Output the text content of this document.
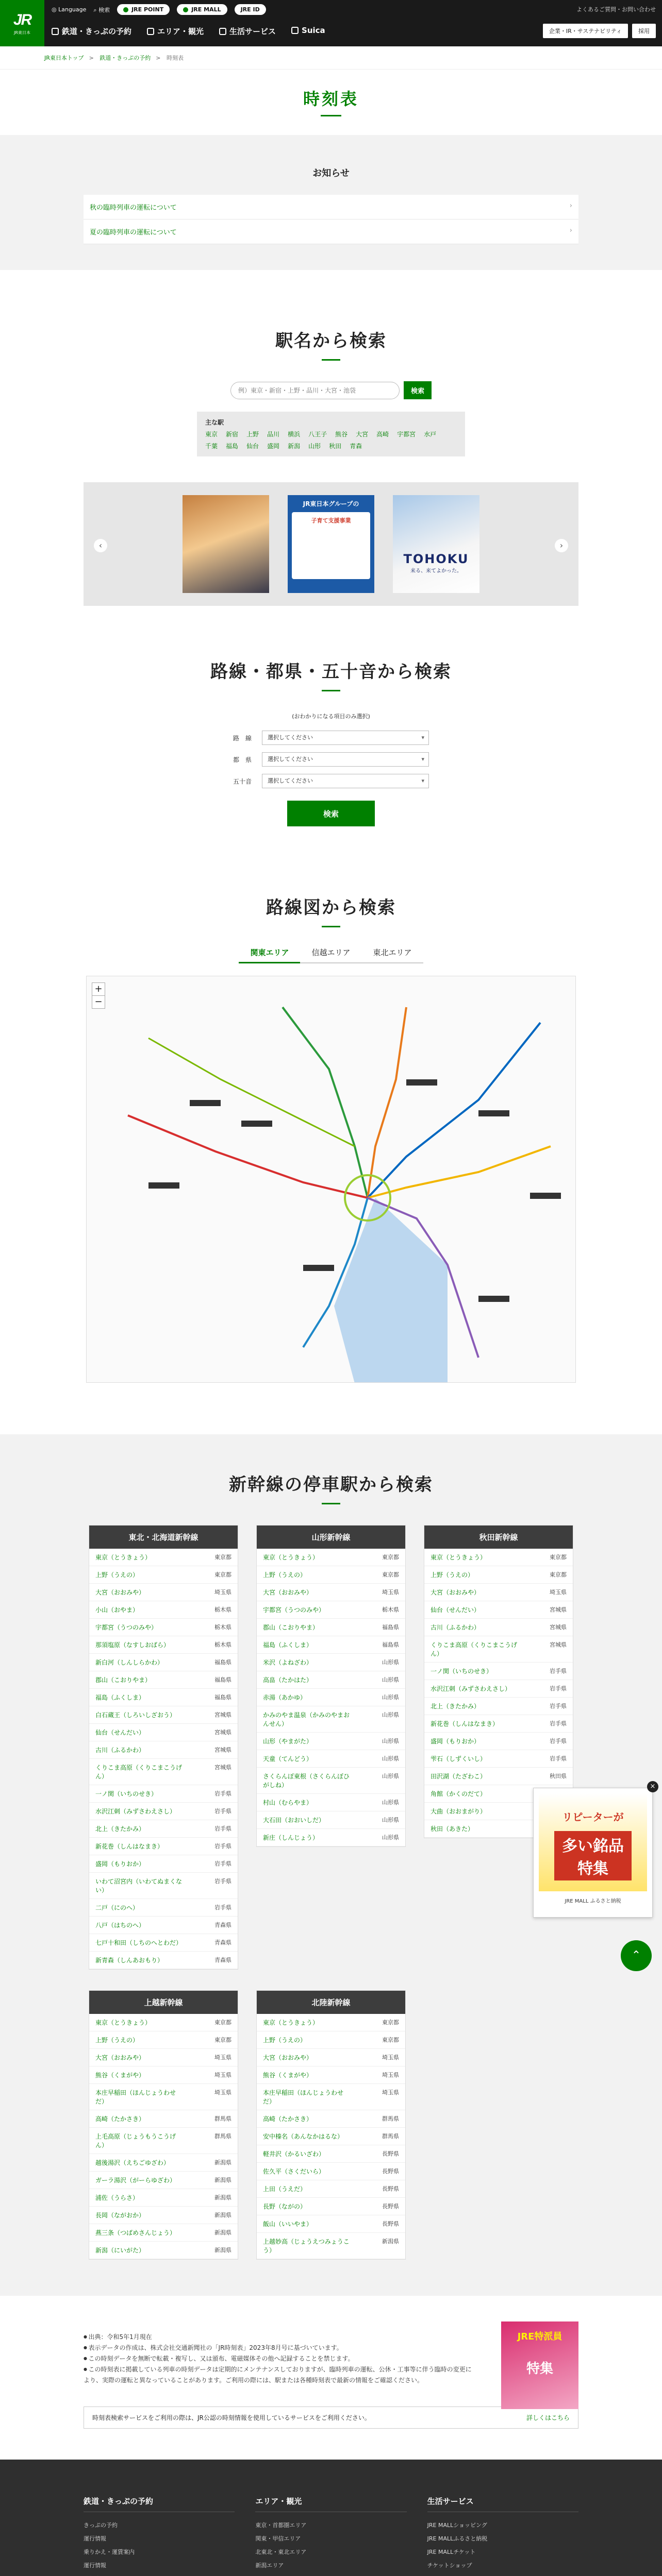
JR
JR東日本
◎ Language ⌕ 検索	JRE POINT	JRE MALL	JRE ID
鉄道・きっぷの予約	エリア・観光	生活サービス	Suica
よくあるご質問・お問い合わせ
企業・IR・サステナビリティ	採用
JR東日本トップ > 鉄道・きっぷの予約 > 時刻表
時刻表
お知らせ
秋の臨時列車の運転について	›
夏の臨時列車の運転について	›
駅名から検索
例）東京・新宿・上野・品川・大宮・池袋
検索
主な駅
東京 新宿 上野 品川 横浜 八王子 熊谷 大宮 高崎 宇都宮 水戸
千葉 福島 仙台 盛岡 新潟 山形 秋田 青森
‹
JR東日本グループの
子育て支援事業
TOHOKU
来る、来てよかった。
›
路線・都県・五十音から検索
(おわかりになる項目のみ選択)
路　線	選択してください ▾
都　県	選択してください ▾
五十音	選択してください ▾
検索
路線図から検索
関東エリア	信越エリア	東北エリア
+
−
新幹線の停車駅から検索
東北・北海道新幹線
東京（とうきょう）	東京都
上野（うえの）	東京都
大宮（おおみや）	埼玉県
小山（おやま）	栃木県
宇都宮（うつのみや）	栃木県
那須塩原（なすしおばら）	栃木県
新白河（しんしらかわ）	福島県
郡山（こおりやま）	福島県
福島（ふくしま）	福島県
白石蔵王（しろいしざおう）	宮城県
仙台（せんだい）	宮城県
古川（ふるかわ）	宮城県
くりこま高原（くりこまこうげん）
宮城県
一ノ関（いちのせき）	岩手県
水沢江刺（みずさわえさし）	岩手県
北上（きたかみ）	岩手県
新花巻（しんはなまき）	岩手県
盛岡（もりおか）	岩手県
いわて沼宮内（いわてぬまくない）
岩手県
二戸（にのへ）	岩手県
八戸（はちのへ）	青森県
七戸十和田（しちのへとわだ）	青森県
新青森（しんあおもり）	青森県
山形新幹線
東京（とうきょう）	東京都
上野（うえの）	東京都
大宮（おおみや）	埼玉県
宇都宮（うつのみや）	栃木県
郡山（こおりやま）	福島県
福島（ふくしま）	福島県
米沢（よねざわ）	山形県
高畠（たかはた）	山形県
赤湯（あかゆ）	山形県
かみのやま温泉（かみのやまおんせん）
山形県
山形（やまがた）	山形県
天童（てんどう）	山形県
さくらんぼ東根（さくらんぼひがしね）
山形県
村山（むらやま）	山形県
大石田（おおいしだ）	山形県
新庄（しんじょう）	山形県
秋田新幹線
東京（とうきょう）	東京都
上野（うえの）	東京都
大宮（おおみや）	埼玉県
仙台（せんだい）	宮城県
古川（ふるかわ）	宮城県
くりこま高原（くりこまこうげん）
宮城県
一ノ関（いちのせき）	岩手県
水沢江刺（みずさわえさし）	岩手県
北上（きたかみ）	岩手県
新花巻（しんはなまき）	岩手県
盛岡（もりおか）	岩手県
雫石（しずくいし）	岩手県
田沢湖（たざわこ）	秋田県
角館（かくのだて）
大曲（おおまがり）
秋田（あきた）
上越新幹線
東京（とうきょう）	東京都
上野（うえの）	東京都
大宮（おおみや）	埼玉県
熊谷（くまがや）	埼玉県
本庄早稲田（ほんじょうわせだ）
埼玉県
高崎（たかさき）	群馬県
上毛高原（じょうもうこうげん）
群馬県
越後湯沢（えちごゆざわ）	新潟県
ガーラ湯沢（がーらゆざわ）	新潟県
浦佐（うらさ）	新潟県
長岡（ながおか）	新潟県
燕三条（つばめさんじょう）	新潟県
新潟（にいがた）	新潟県
北陸新幹線
東京（とうきょう）	東京都
上野（うえの）	東京都
大宮（おおみや）	埼玉県
熊谷（くまがや）	埼玉県
本庄早稲田（ほんじょうわせだ）
埼玉県
高崎（たかさき）	群馬県
安中榛名（あんなかはるな）	群馬県
軽井沢（かるいざわ）	長野県
佐久平（さくだいら）	長野県
上田（うえだ）	長野県
長野（ながの）	長野県
飯山（いいやま）	長野県
上越妙高（じょうえつみょうこう）
新潟県
×
リピーターが
多い銘品 特集
JRE MALL ふるさと納税
⌃
● 出典：令和5年1月現在
● 表示データの作成は、株式会社交通新聞社の「JR時刻表」2023年8月号に基づいています。
● この時刻データを無断で転載・複写し、又は頒布、電磁媒体その他へ記録することを禁じます。
● この時刻表に掲載している列車の時刻データは定期的にメンテナンスしておりますが、臨時列車の運転、公休・工事等に伴う臨時の変更により、実際の運転と異なっていることがあります。ご利用の際には、駅または各種時刻表で最新の情報をご確認ください。
JRE特派員
特集
時刻表検索サービスをご利用の際は、JR公認の時刻情報を使用しているサービスをご利用ください。	詳しくはこちら
鉄道・きっぷの予約
きっぷの予約
運行情報
乗りかえ・運賃案内
運行情報
エリア・観光
東京・首都圏エリア
関東・甲信エリア
北東北・東北エリア
新潟エリア
生活サービス
JRE MALLショッピング
JRE MALLふるさと納税
JRE MALLチケット
チケットショップ
